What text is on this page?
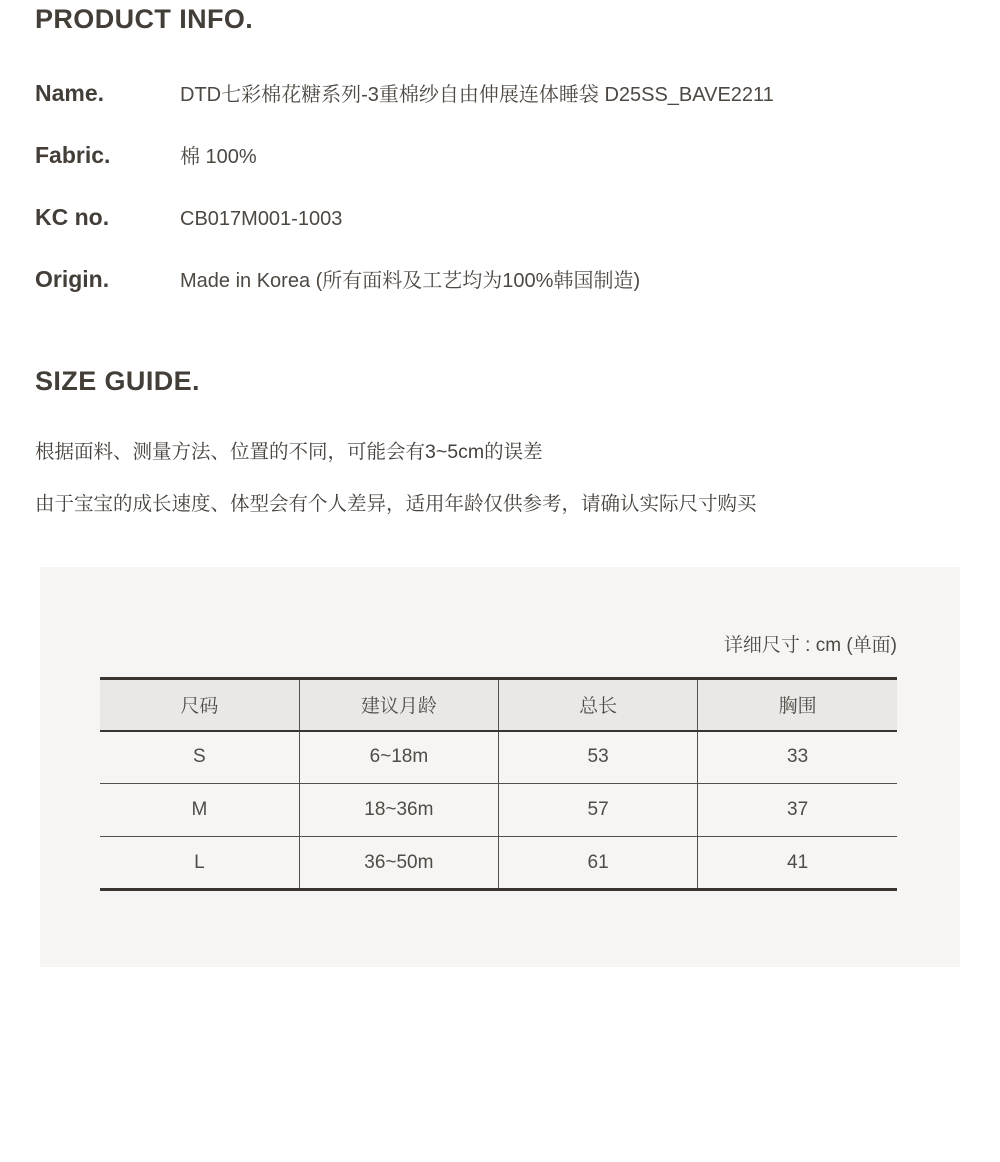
PRODUCT INFO.
Name.	DTD七彩棉花糖系列-3重棉纱自由伸展连体睡袋 D25SS_BAVE2211
Fabric.	棉 100%
KC no.	CB017M001-1003
Origin.	Made in Korea (所有面料及工艺均为100%韩国制造)
SIZE GUIDE.

根据面料、测量方法、位置的不同，可能会有3~5cm的误差

由于宝宝的成长速度、体型会有个人差异，适用年龄仅供参考，请确认实际尺寸购买

详细尺寸 : cm (单面)
尺码	建议月龄	总长	胸围
S	6~18m	53	33
M	18~36m	57	37
L	36~50m	61	41
